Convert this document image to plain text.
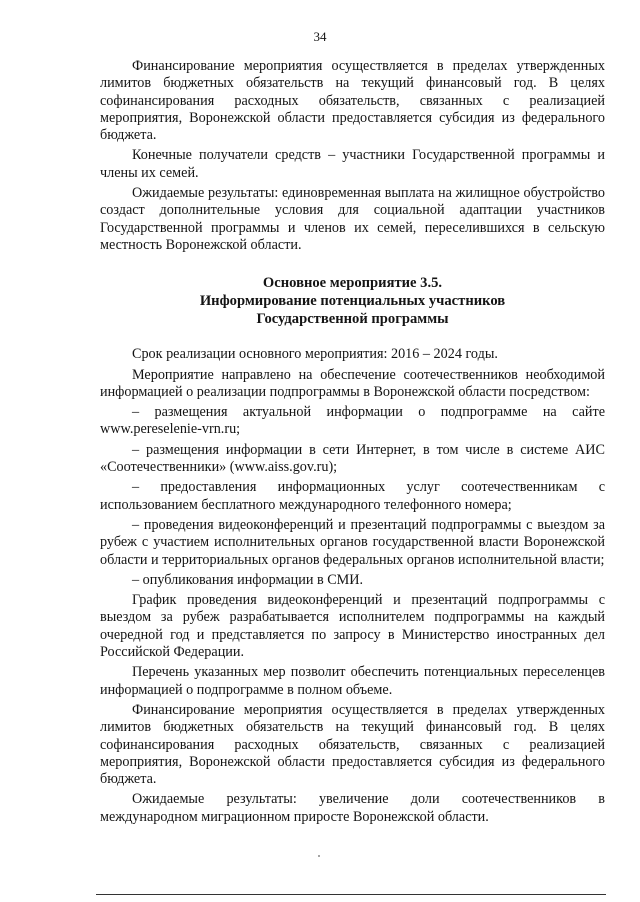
34

Финансирование мероприятия осуществляется в пределах утвержденных лимитов бюджетных обязательств на текущий финансовый год. В целях софинансирования расходных обязательств, связанных с реализацией мероприятия, Воронежской области предоставляется субсидия из федерального бюджета.

Конечные получатели средств – участники Государственной программы и члены их семей.

Ожидаемые результаты: единовременная выплата на жилищное обустройство создаст дополнительные условия для социальной адаптации участников Государственной программы и членов их семей, переселившихся в сельскую местность Воронежской области.

Основное мероприятие 3.5.
Информирование потенциальных участников
Государственной программы

Срок реализации основного мероприятия: 2016 – 2024 годы.

Мероприятие направлено на обеспечение соотечественников необходимой информацией о реализации подпрограммы в Воронежской области посредством:

– размещения актуальной информации о подпрограмме на сайте www.pereselenie-vrn.ru;

– размещения информации в сети Интернет, в том числе в системе АИС «Соотечественники» (www.aiss.gov.ru);

– предоставления информационных услуг соотечественникам с использованием бесплатного международного телефонного номера;

– проведения видеоконференций и презентаций подпрограммы с выездом за рубеж с участием исполнительных органов государственной власти Воронежской области и территориальных органов федеральных органов исполнительной власти;

– опубликования информации в СМИ.

График проведения видеоконференций и презентаций подпрограммы с выездом за рубеж разрабатывается исполнителем подпрограммы на каждый очередной год и представляется по запросу в Министерство иностранных дел Российской Федерации.

Перечень указанных мер позволит обеспечить потенциальных переселенцев информацией о подпрограмме в полном объеме.

Финансирование мероприятия осуществляется в пределах утвержденных лимитов бюджетных обязательств на текущий финансовый год. В целях софинансирования расходных обязательств, связанных с реализацией мероприятия, Воронежской области предоставляется субсидия из федерального бюджета.

Ожидаемые результаты: увеличение доли соотечественников в международном миграционном приросте Воронежской области.
